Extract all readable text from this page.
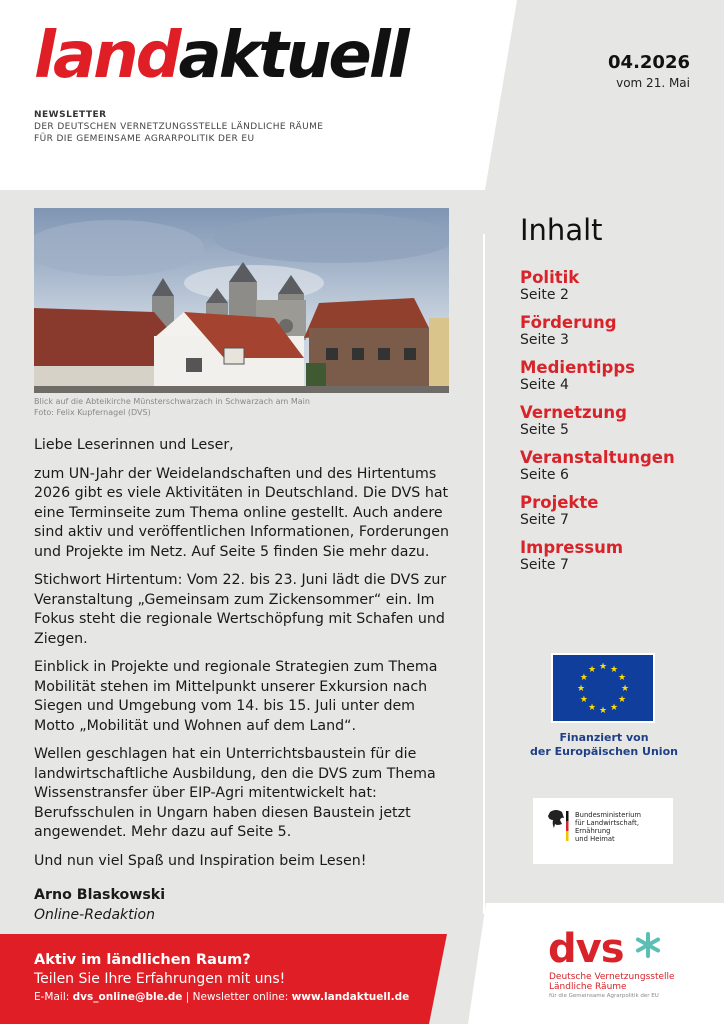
landaktuell
NEWSLETTER
DER DEUTSCHEN VERNETZUNGSSTELLE LÄNDLICHE RÄUME
FÜR DIE GEMEINSAME AGRARPOLITIK DER EU
04.2026
vom 21. Mai
Blick auf die Abteikirche Münsterschwarzach in Schwarzach am Main
Foto: Felix Kupfernagel (DVS)

Liebe Leserinnen und Leser,

zum UN-Jahr der Weidelandschaften und des Hirtentums 2026 gibt es viele Aktivitäten in Deutschland. Die DVS hat eine Terminseite zum Thema online gestellt. Auch andere sind aktiv und veröffentlichen Informationen, Forderungen und Projekte im Netz. Auf Seite 5 finden Sie mehr dazu.

Stichwort Hirtentum: Vom 22. bis 23. Juni lädt die DVS zur Veranstaltung „Gemeinsam zum Zickensommer“ ein. Im Fokus steht die regionale Wertschöpfung mit Schafen und Ziegen.

Einblick in Projekte und regionale Strategien zum Thema Mobilität stehen im Mittelpunkt unserer Exkursion nach Siegen und Umgebung vom 14. bis 15. Juli unter dem Motto „Mobilität und Wohnen auf dem Land“.

Wellen geschlagen hat ein Unterrichtsbaustein für die landwirtschaftliche Ausbildung, den die DVS zum Thema Wissenstransfer über EIP-Agri mitentwickelt hat: Berufsschulen in Ungarn haben diesen Baustein jetzt angewendet. Mehr dazu auf Seite 5.

Und nun viel Spaß und Inspiration beim Lesen!

Arno Blaskowski
Online-Redaktion
Inhalt
Politik
Seite 2
Förderung
Seite 3
Medientipps
Seite 4
Vernetzung
Seite 5
Veranstaltungen
Seite 6
Projekte
Seite 7
Impressum
Seite 7
★ ★
★
★
★
★
★
★
★
★
★
★
Finanziert von
der Europäischen Union
Bundesministerium
für Landwirtschaft, Ernährung
und Heimat
Aktiv im ländlichen Raum?
Teilen Sie Ihre Erfahrungen mit uns!
E-Mail: dvs_online@ble.de | Newsletter online: www.landaktuell.de
dvs
Deutsche Vernetzungsstelle
Ländliche Räume
für die Gemeinsame Agrarpolitik der EU
